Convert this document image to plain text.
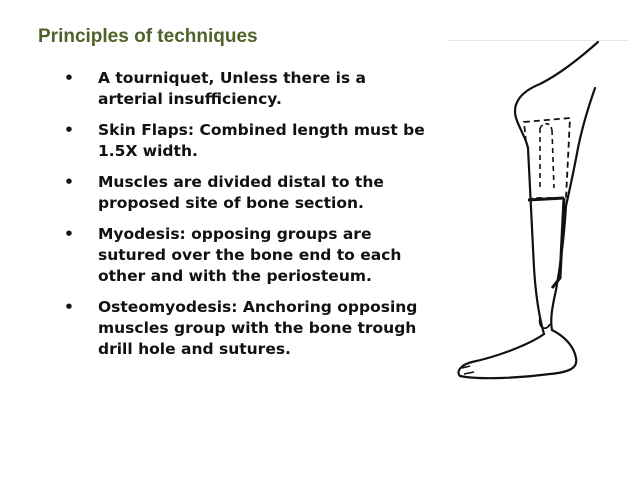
Principles of techniques
• A tourniquet, Unless there is a arterial insufficiency.
• Skin Flaps: Combined length must be 1.5X width.
• Muscles are divided distal to the proposed site of bone section.
• Myodesis: opposing groups are sutured over the bone end to each other and with the periosteum.
• Osteomyodesis: Anchoring opposing muscles group with the bone trough drill hole and sutures.
